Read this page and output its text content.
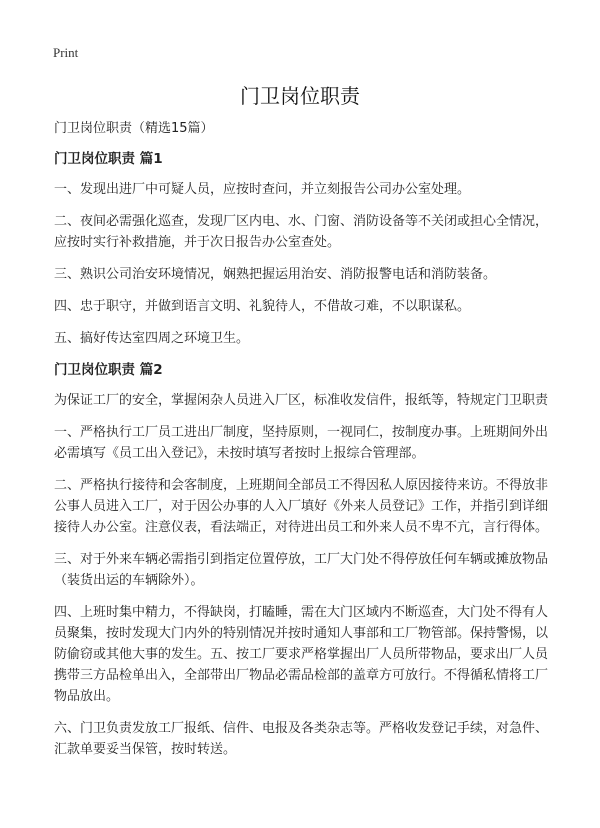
Print
门卫岗位职责

门卫岗位职责（精选15篇）

门卫岗位职责 篇1

一、发现出进厂中可疑人员，应按时查问，并立刻报告公司办公室处理。

二、夜间必需强化巡查，发现厂区内电、水、门窗、消防设备等不关闭或担心全情况，应按时实行补救措施，并于次日报告办公室查处。

三、熟识公司治安环境情况，娴熟把握运用治安、消防报警电话和消防装备。

四、忠于职守，并做到语言文明、礼貌待人，不借故刁难，不以职谋私。

五、搞好传达室四周之环境卫生。

门卫岗位职责 篇2

为保证工厂的安全，掌握闲杂人员进入厂区，标准收发信件，报纸等，特规定门卫职责

一、严格执行工厂员工进出厂制度，坚持原则，一视同仁，按制度办事。上班期间外出必需填写《员工出入登记》，未按时填写者按时上报综合管理部。

二、严格执行接待和会客制度，上班期间全部员工不得因私人原因接待来访。不得放非公事人员进入工厂，对于因公办事的人入厂填好《外来人员登记》工作，并指引到详细接待人办公室。注意仪表，看法端正，对待进出员工和外来人员不卑不亢，言行得体。

三、对于外来车辆必需指引到指定位置停放，工厂大门处不得停放任何车辆或摊放物品（装货出运的车辆除外）。

四、上班时集中精力，不得缺岗，打瞌睡，需在大门区域内不断巡查，大门处不得有人员聚集，按时发现大门内外的特别情况并按时通知人事部和工厂物管部。保持警惕，以防偷窃或其他大事的发生。五、按工厂要求严格掌握出厂人员所带物品，要求出厂人员携带三方品检单出入，全部带出厂物品必需品检部的盖章方可放行。不得循私情将工厂物品放出。

六、门卫负责发放工厂报纸、信件、电报及各类杂志等。严格收发登记手续，对急件、汇款单要妥当保管，按时转送。
